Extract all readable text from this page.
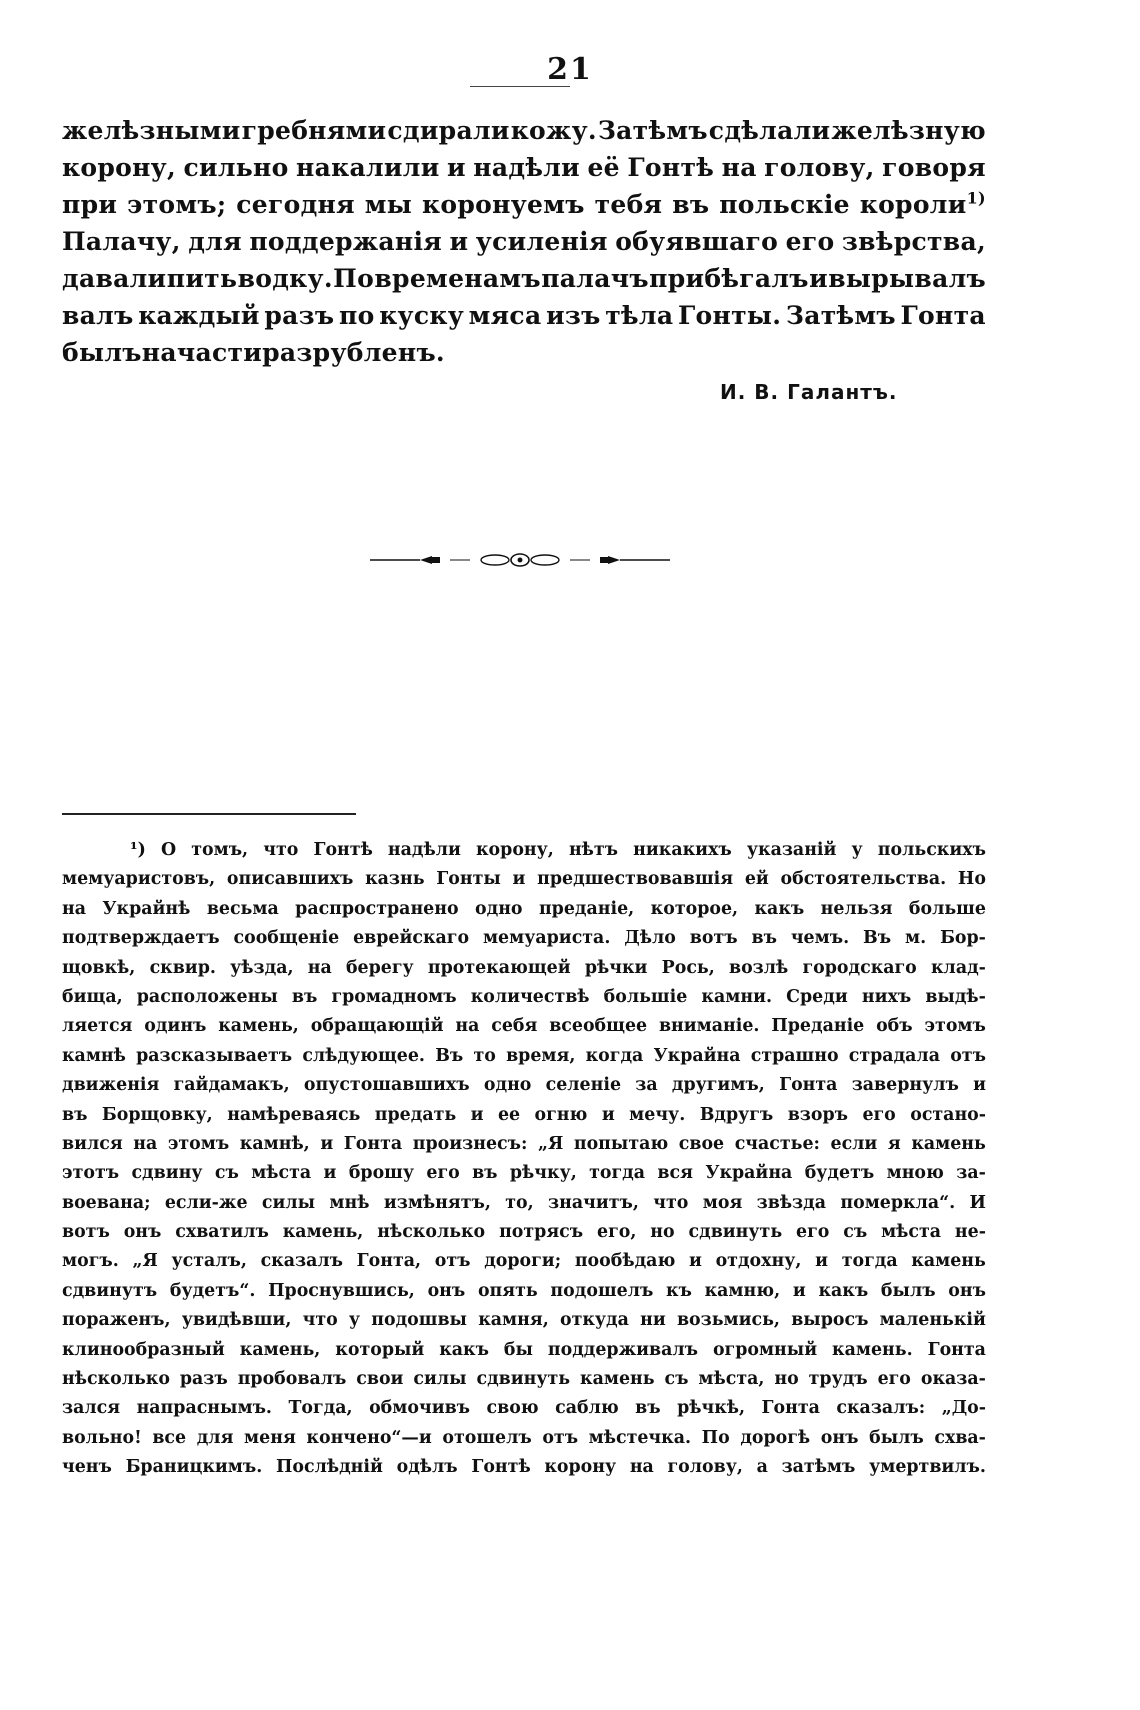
21
желѣзными гребнями сдирали кожу. Затѣмъ сдѣлали желѣзную
корону, сильно накалили и надѣли её Гонтѣ на голову, говоря
при этомъ; сегодня мы коронуемъ тебя въ польскіе короли$^{1)}$
Палачу, для поддержанія и усиленія обуявшаго его звѣрства,
давали пить водку. По временамъ палачъ прибѣгалъ и вырывалъ
валъ каждый разъ по куску мяса изъ тѣла Гонты. Затѣмъ Гонта
былъ на части разрубленъ.
И. В. Галантъ.
¹) О томъ, что Гонтѣ надѣли корону, нѣтъ никакихъ указаній у польскихъ
мемуаристовъ, описавшихъ казнь Гонты и предшествовавшія ей обстоятельства. Но
на Украйнѣ весьма распространено одно преданіе, которое, какъ нельзя больше
подтверждаетъ сообщеніе еврейскаго мемуариста. Дѣло вотъ въ чемъ. Въ м. Бор-
щовкѣ, сквир. уѣзда, на берегу протекающей рѣчки Рось, возлѣ городскаго клад-
бища, расположены въ громадномъ количествѣ большіе камни. Среди нихъ выдѣ-
ляется одинъ камень, обращающій на себя всеобщее вниманіе. Преданіе объ этомъ
камнѣ разсказываетъ слѣдующее. Въ то время, когда Украйна страшно страдала отъ
движенія гайдамакъ, опустошавшихъ одно селеніе за другимъ, Гонта завернулъ и
въ Борщовку, намѣреваясь предать и ее огню и мечу. Вдругъ взоръ его остано-
вился на этомъ камнѣ, и Гонта произнесъ: „Я попытаю свое счастье: если я камень
этотъ сдвину съ мѣста и брошу его въ рѣчку, тогда вся Украйна будетъ мною за-
воевана; если-же силы мнѣ измѣнятъ, то, значитъ, что моя звѣзда померкла“. И
вотъ онъ схватилъ камень, нѣсколько потрясъ его, но сдвинуть его съ мѣста не-
могъ. „Я усталъ, сказалъ Гонта, отъ дороги; пообѣдаю и отдохну, и тогда камень
сдвинутъ будетъ“. Проснувшись, онъ опять подошелъ къ камню, и какъ былъ онъ
пораженъ, увидѣвши, что у подошвы камня, откуда ни возьмись, выросъ маленькій
клинообразный камень, который какъ бы поддерживалъ огромный камень. Гонта
нѣсколько разъ пробовалъ свои силы сдвинуть камень съ мѣста, но трудъ его оказа-
зался напраснымъ. Тогда, обмочивъ свою саблю въ рѣчкѣ, Гонта сказалъ: „До-
вольно! все для меня кончено“—и отошелъ отъ мѣстечка. По дорогѣ онъ былъ схва-
ченъ Браницкимъ. Послѣдній одѣлъ Гонтѣ корону на голову, а затѣмъ умертвилъ.
